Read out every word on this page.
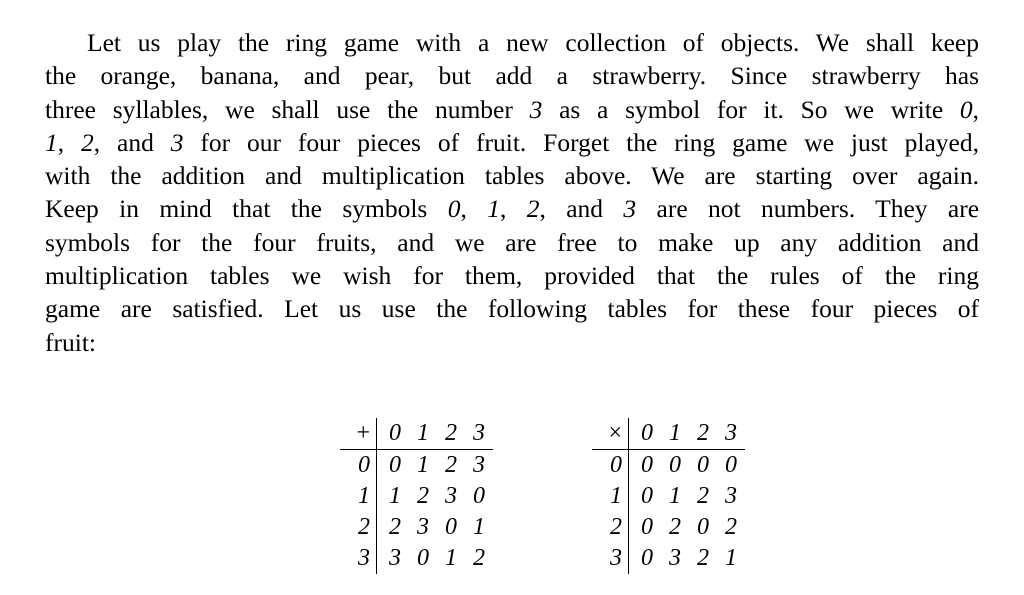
Let us play the ring game with a new collection of objects. We shall keep
the orange, banana, and pear, but add a strawberry. Since strawberry has
three syllables, we shall use the number 3 as a symbol for it. So we write 0,
1, 2, and 3 for our four pieces of fruit. Forget the ring game we just played,
with the addition and multiplication tables above. We are starting over again.
Keep in mind that the symbols 0, 1, 2, and 3 are not numbers. They are
symbols for the four fruits, and we are free to make up any addition and
multiplication tables we wish for them, provided that the rules of the ring
game are satisfied. Let us use the following tables for these four pieces of
fruit:
+	0	1	2	3
0	0	1	2	3
1	1	2	3	0
2	2	3	0	1
3	3	0	1	2
×	0	1	2	3
0	0	0	0	0
1	0	1	2	3
2	0	2	0	2
3	0	3	2	1
